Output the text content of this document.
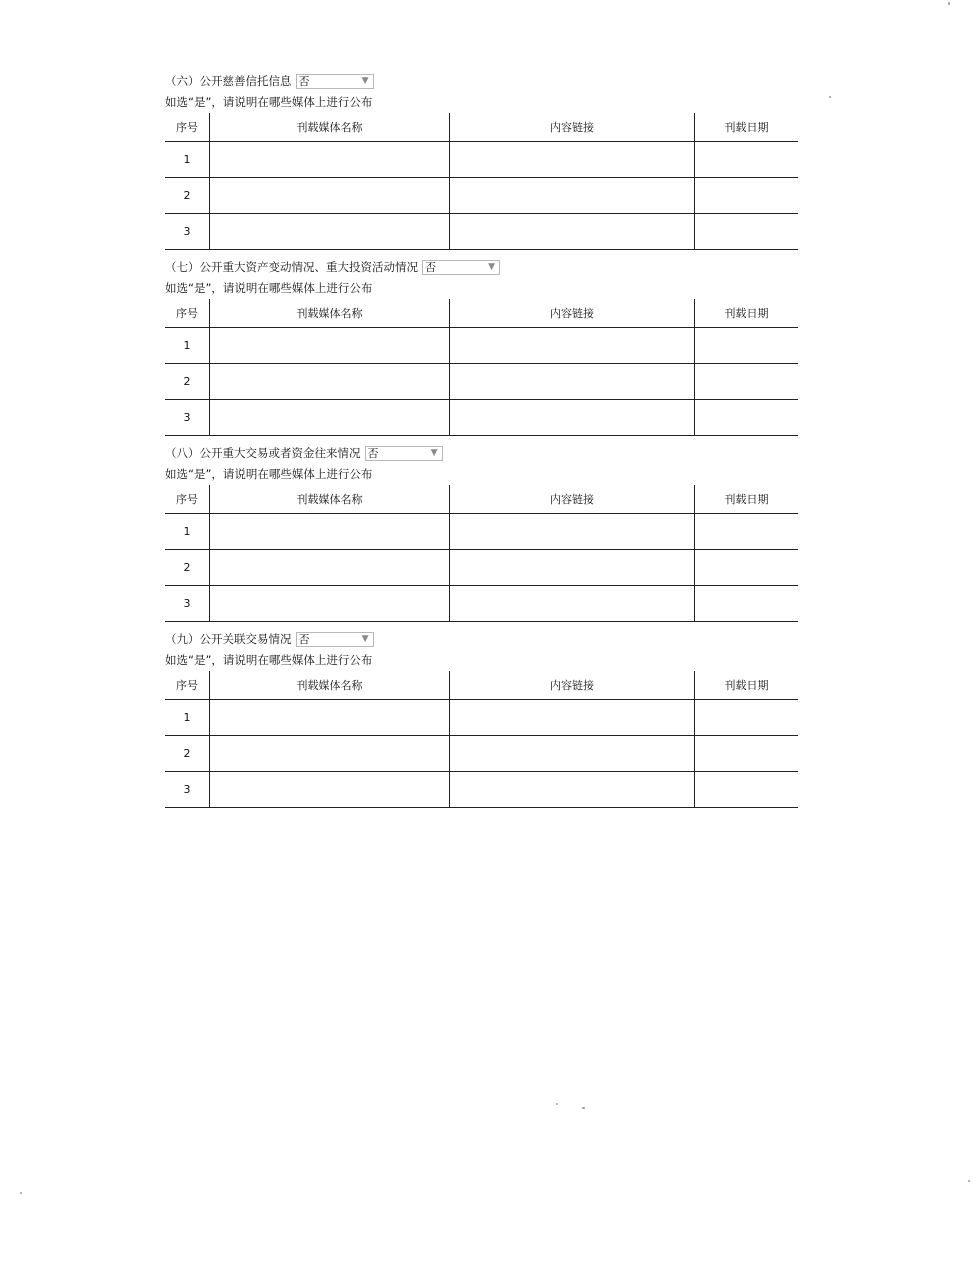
（六）公开慈善信托信息 否	▼
如选“是”，请说明在哪些媒体上进行公布
序号	刊载媒体名称	内容链接	刊载日期
1			
2			
3			
（七）公开重大资产变动情况、重大投资活动情况 否	▼
如选“是”，请说明在哪些媒体上进行公布
序号	刊载媒体名称	内容链接	刊载日期
1			
2			
3			
（八）公开重大交易或者资金往来情况 否	▼
如选“是”，请说明在哪些媒体上进行公布
序号	刊载媒体名称	内容链接	刊载日期
1			
2			
3			
（九）公开关联交易情况 否	▼
如选“是”，请说明在哪些媒体上进行公布
序号	刊载媒体名称	内容链接	刊载日期
1			
2			
3			
